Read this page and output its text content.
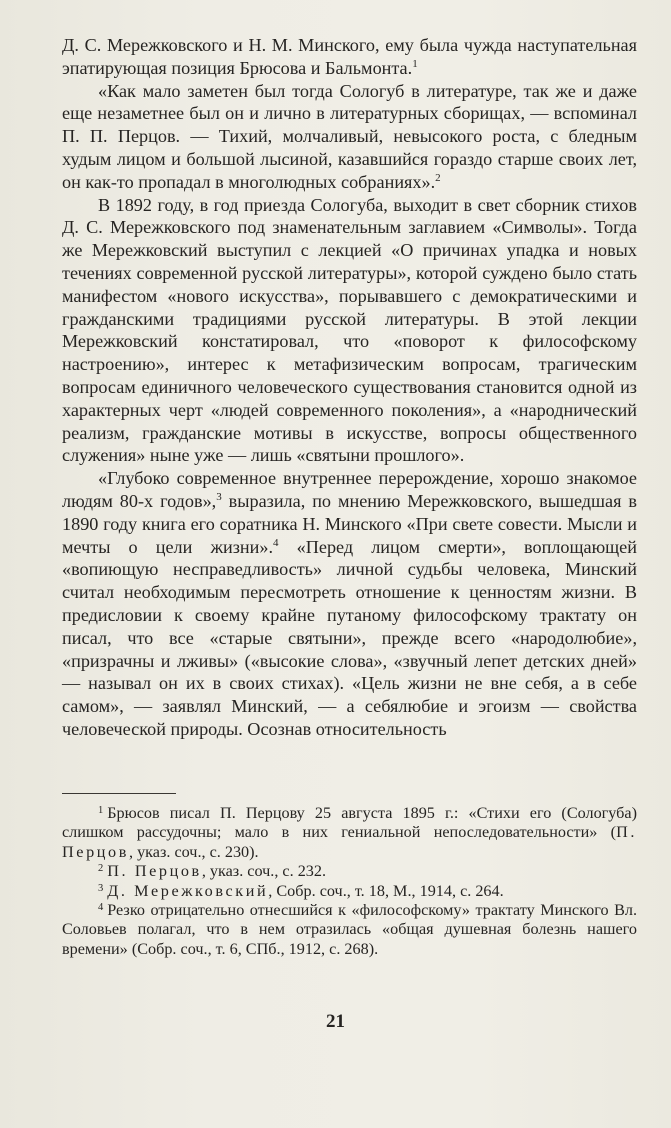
Д. С. Мережковского и Н. М. Минского, ему была чужда наступательная эпатирующая позиция Брюсова и Бальмонта.$^1$

«Как мало заметен был тогда Сологуб в литературе, так же и даже еще незаметнее был он и лично в литературных сборищах, — вспоминал П. П. Перцов. — Тихий, молчаливый, невысокого роста, с бледным худым лицом и большой лысиной, казавшийся гораздо старше своих лет, он как-то пропадал в многолюдных собраниях».$^2$

В 1892 году, в год приезда Сологуба, выходит в свет сборник стихов Д. С. Мережковского под знаменательным заглавием «Символы». Тогда же Мережковский выступил с лекцией «О причинах упадка и новых течениях современной русской литературы», которой суждено было стать манифестом «нового искусства», порывавшего с демократическими и гражданскими традициями русской литературы. В этой лекции Мережковский констатировал, что «поворот к философскому настроению», интерес к метафизическим вопросам, трагическим вопросам единичного человеческого существования становится одной из характерных черт «людей современного поколения», а «народнический реализм, гражданские мотивы в искусстве, вопросы общественного служения» ныне уже — лишь «святыни прошлого».

«Глубоко современное внутреннее перерождение, хорошо знакомое людям 80-х годов»,$^3$ выразила, по мнению Мережковского, вышедшая в 1890 году книга его соратника Н. Минского «При свете совести. Мысли и мечты о цели жизни».$^4$ «Перед лицом смерти», воплощающей «вопиющую несправедливость» личной судьбы человека, Минский считал необходимым пересмотреть отношение к ценностям жизни. В предисловии к своему крайне путаному философскому трактату он писал, что все «старые святыни», прежде всего «народолюбие», «призрачны и лживы» («высокие слова», «звучный лепет детских дней» — называл он их в своих стихах). «Цель жизни не вне себя, а в себе самом», — заявлял Минский, — а себялюбие и эгоизм — свойства человеческой природы. Осознав относительность

$^1$ Брюсов писал П. Перцову 25 августа 1895 г.: «Стихи его (Сологуба) слишком рассудочны; мало в них гениальной непоследовательности» (П. Перцов, указ. соч., с. 230).

$^2$ П. Перцов, указ. соч., с. 232.

$^3$ Д. Мережковский, Собр. соч., т. 18, М., 1914, с. 264.

$^4$ Резко отрицательно отнесшийся к «философскому» трактату Минского Вл. Соловьев полагал, что в нем отразилась «общая душевная болезнь нашего времени» (Собр. соч., т. 6, СПб., 1912, с. 268).

21
